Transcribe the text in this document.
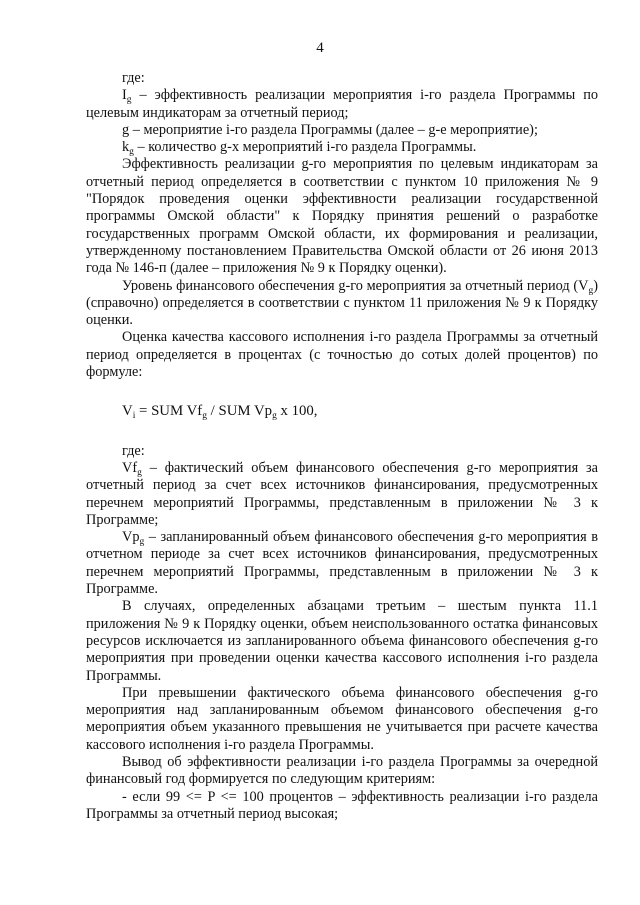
4

где:

$I_g$ – эффективность реализации мероприятия i-го раздела Программы по целевым индикаторам за отчетный период;

g – мероприятие i-го раздела Программы (далее – g-е мероприятие);

$k_g$ – количество g-х мероприятий i-го раздела Программы.

Эффективность реализации g-го мероприятия по целевым индикаторам за отчетный период определяется в соответствии с пунктом 10 приложения № 9 "Порядок проведения оценки эффективности реализации государственной программы Омской области" к Порядку принятия решений о разработке государственных программ Омской области, их формирования и реализации, утвержденному постановлением Правительства Омской области от 26 июня 2013 года № 146-п (далее – приложения № 9 к Порядку оценки).

Уровень финансового обеспечения g-го мероприятия за отчетный период $(V_g)$ (справочно) определяется в соответствии с пунктом 11 приложения № 9 к Порядку оценки.

Оценка качества кассового исполнения i-го раздела Программы за отчетный период определяется в процентах (с точностью до сотых долей процентов) по формуле:

$V_i$ = SUM $Vf_g$ / SUM $Vp_g$ x 100,

где:

$Vf_g$ – фактический объем финансового обеспечения g-го мероприятия за отчетный период за счет всех источников финансирования, предусмотренных перечнем мероприятий Программы, представленным в приложении № 3 к Программе;

$Vp_g$ – запланированный объем финансового обеспечения g-го мероприятия в отчетном периоде за счет всех источников финансирования, предусмотренных перечнем мероприятий Программы, представленным в приложении № 3 к Программе.

В случаях, определенных абзацами третьим – шестым пункта 11.1 приложения № 9 к Порядку оценки, объем неиспользованного остатка финансовых ресурсов исключается из запланированного объема финансового обеспечения g-го мероприятия при проведении оценки качества кассового исполнения i-го раздела Программы.

При превышении фактического объема финансового обеспечения g-го мероприятия над запланированным объемом финансового обеспечения g-го мероприятия объем указанного превышения не учитывается при расчете качества кассового исполнения i-го раздела Программы.

Вывод об эффективности реализации i-го раздела Программы за очередной финансовый год формируется по следующим критериям:

- если 99 <= P <= 100 процентов – эффективность реализации i-го раздела Программы за отчетный период высокая;
